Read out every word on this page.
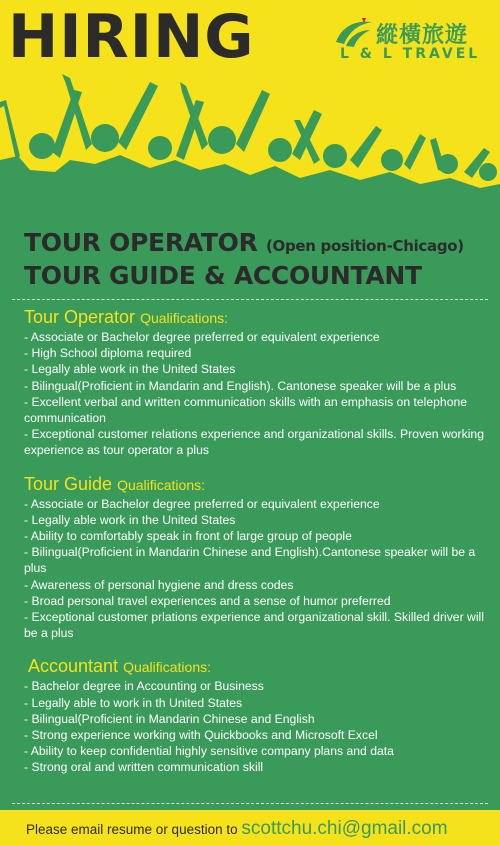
HIRING	縱橫旅遊
L & L TRAVEL
TOUR OPERATOR (Open position-Chicago)
TOUR GUIDE & ACCOUNTANT
Tour Operator Qualifications:
- Associate or Bachelor degree preferred or equivalent experience
- High School diploma required
- Legally able work in the United States
- Bilingual(Proficient in Mandarin and English). Cantonese speaker will be a plus
- Excellent verbal and written communication skills with an emphasis on telephone communication
- Exceptional customer relations experience and organizational skills. Proven working experience as tour operator a plus
Tour Guide Qualifications:
- Associate or Bachelor degree preferred or equivalent experience
- Legally able work in the United States
- Ability to comfortably speak in front of large group of people
- Bilingual(Proficient in Mandarin Chinese and English).Cantonese speaker will be a plus
- Awareness of personal hygiene and dress codes
- Broad personal travel experiences and a sense of humor preferred
- Exceptional customer prlations experience and organizational skill. Skilled driver will be a plus
Accountant Qualifications:
- Bachelor degree in Accounting or Business
- Legally able to work in th United States
- Bilingual(Proficient in Mandarin Chinese and English
- Strong experience working with Quickbooks and Microsoft Excel
- Ability to keep confidential highly sensitive company plans and data
- Strong oral and written communication skill
Please email resume or question to scottchu.chi@gmail.com
